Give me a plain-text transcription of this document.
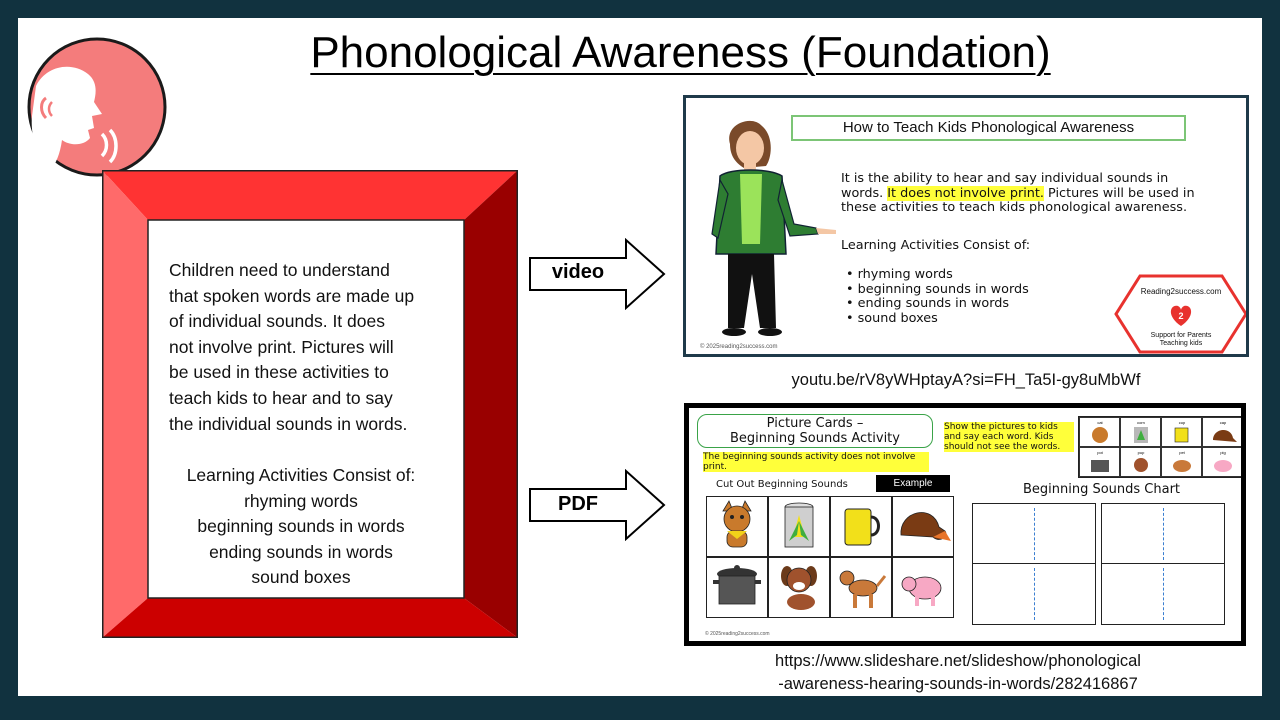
Phonological Awareness (Foundation)
Children need to understand
that spoken words are made up
of individual sounds. It does
not involve print. Pictures will
be used in these activities to
teach kids to hear and to say
the individual sounds in words.
Learning Activities Consist of:
rhyming words
beginning sounds in words
ending sounds in words
sound boxes
video
PDF
How to Teach Kids Phonological Awareness
It is the ability to hear and say individual sounds in words. It does not involve print. Pictures will be used in these activities to teach kids phonological awareness.
Learning Activities Consist of:
• rhyming words
• beginning sounds in words
• ending sounds in words
• sound boxes	2
Reading2success.com
Support for Parents
Teaching kids
© 2025reading2success.com
youtu.be/rV8yWHptayA?si=FH_Ta5I-gy8uMbWf
Picture Cards –
Beginning Sounds Activity
The beginning sounds activity does not involve print.
Show the pictures to kids and say each word. Kids should not see the words.
cat	corn	cup	cap
pot	pup	pet	pig
Cut Out Beginning Sounds	Example	Beginning Sounds Chart
© 2025reading2success.com
https://www.slideshare.net/slideshow/phonological
-awareness-hearing-sounds-in-words/282416867
